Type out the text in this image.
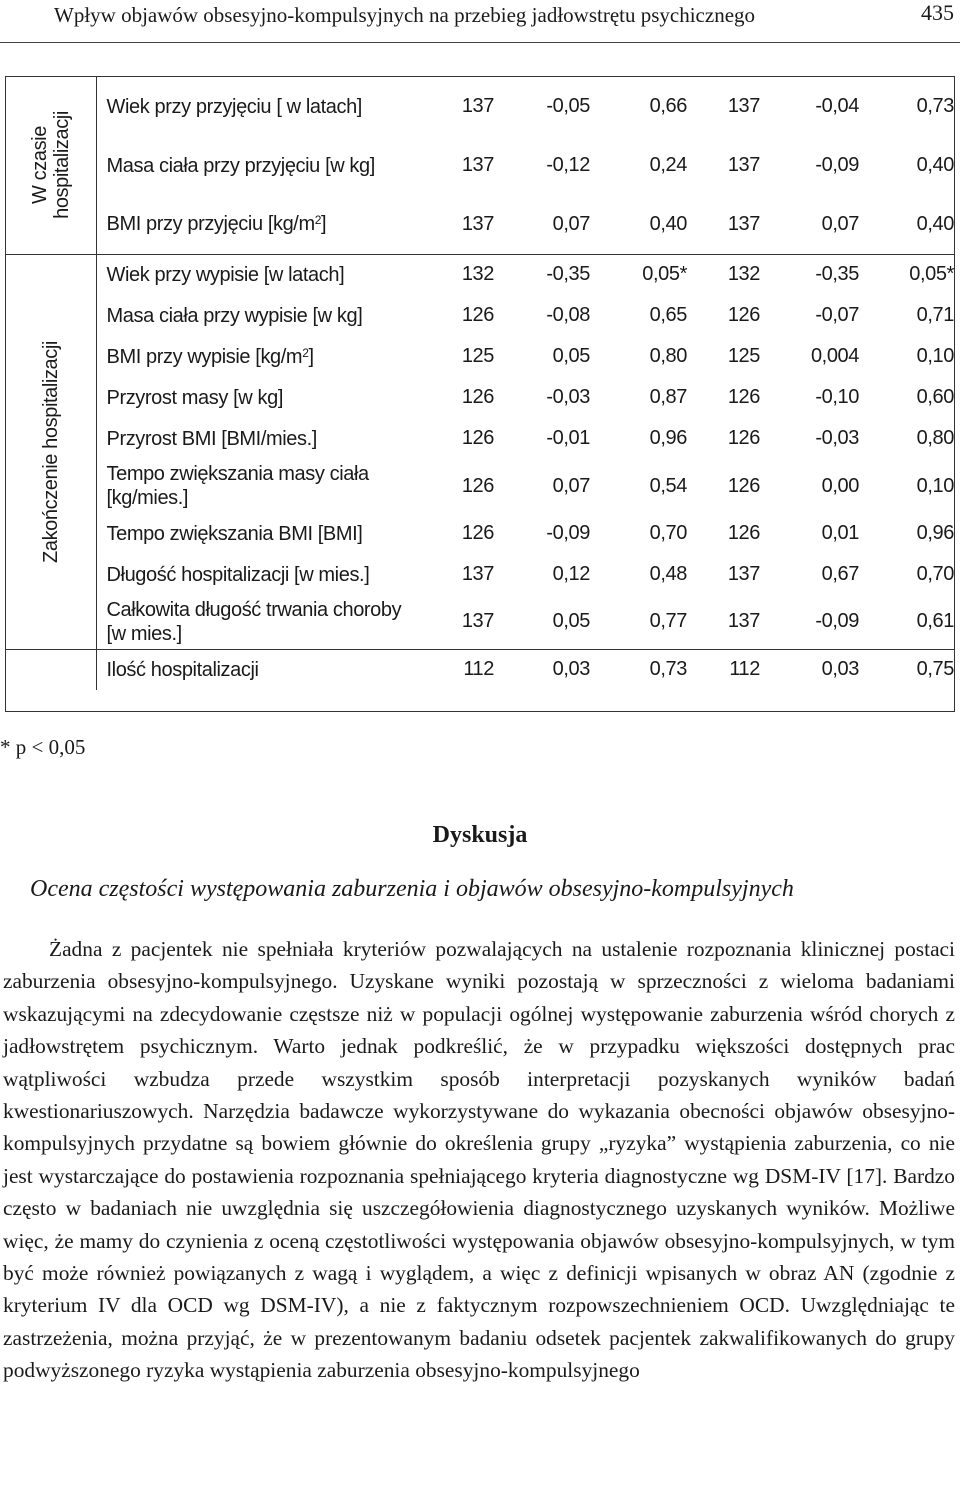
Wpływ objawów obsesyjno-kompulsyjnych na przebieg jadłowstrętu psychicznego	435
W czasie
hospitalizacji	Wiek przy przyjęciu [ w latach]	137	-0,05	0,66	137	-0,04	0,73
	Masa ciała przy przyjęciu [w kg]	137	-0,12	0,24	137	-0,09	0,40
	BMI przy przyjęciu $[kg/m^2]$	137	0,07	0,40	137	0,07	0,40

Zakończenie hospitalizacji	Wiek przy wypisie [w latach]	132	-0,35	0,05*	132	-0,35	0,05*
	Masa ciała przy wypisie [w kg]	126	-0,08	0,65	126	-0,07	0,71
	BMI przy wypisie $[kg/m^2]$	125	0,05	0,80	125	0,004	0,10
	Przyrost masy [w kg]	126	-0,03	0,87	126	-0,10	0,60
	Przyrost BMI [BMI/mies.]	126	-0,01	0,96	126	-0,03	0,80
	Tempo zwiększania masy ciała
[kg/mies.]	126	0,07	0,54	126	0,00	0,10
	Tempo zwiększania BMI [BMI]	126	-0,09	0,70	126	0,01	0,96
	Długość hospitalizacji [w mies.]	137	0,12	0,48	137	0,67	0,70
	Całkowita długość trwania choroby
[w mies.]	137	0,05	0,77	137	-0,09	0,61
	Ilość hospitalizacji	112	0,03	0,73	112	0,03	0,75
* p < 0,05
Dyskusja
Ocena częstości występowania zaburzenia i objawów obsesyjno-kompulsyjnych

Żadna z pacjentek nie spełniała kryteriów pozwalających na ustalenie rozpoznania klinicznej postaci zaburzenia obsesyjno-kompulsyjnego. Uzyskane wyniki pozostają w sprzeczności z wieloma badaniami wskazującymi na zdecydowanie częstsze niż w populacji ogólnej występowanie zaburzenia wśród chorych z jadłowstrętem psychicznym. Warto jednak podkreślić, że w przypadku większości dostępnych prac wątpliwości wzbudza przede wszystkim sposób interpretacji pozyskanych wyników badań kwestionariuszowych. Narzędzia badawcze wykorzystywane do wykazania obecności objawów obsesyjno-kompulsyjnych przydatne są bowiem głównie do określenia grupy „ryzyka” wystąpienia zaburzenia, co nie jest wystarczające do postawienia rozpoznania spełniającego kryteria diagnostyczne wg DSM-IV [17]. Bardzo często w badaniach nie uwzględnia się uszczegółowienia diagnostycznego uzyskanych wyników. Możliwe więc, że mamy do czynienia z oceną częstotliwości występowania objawów obsesyjno-kompulsyjnych, w tym być może również powiązanych z wagą i wyglądem, a więc z definicji wpisanych w obraz AN (zgodnie z kryterium IV dla OCD wg DSM-IV), a nie z faktycznym rozpowszechnieniem OCD. Uwzględniając te zastrzeżenia, można przyjąć, że w prezentowanym badaniu odsetek pacjentek zakwalifikowanych do grupy podwyższonego ryzyka wystąpienia zaburzenia obsesyjno-kompulsyjnego
